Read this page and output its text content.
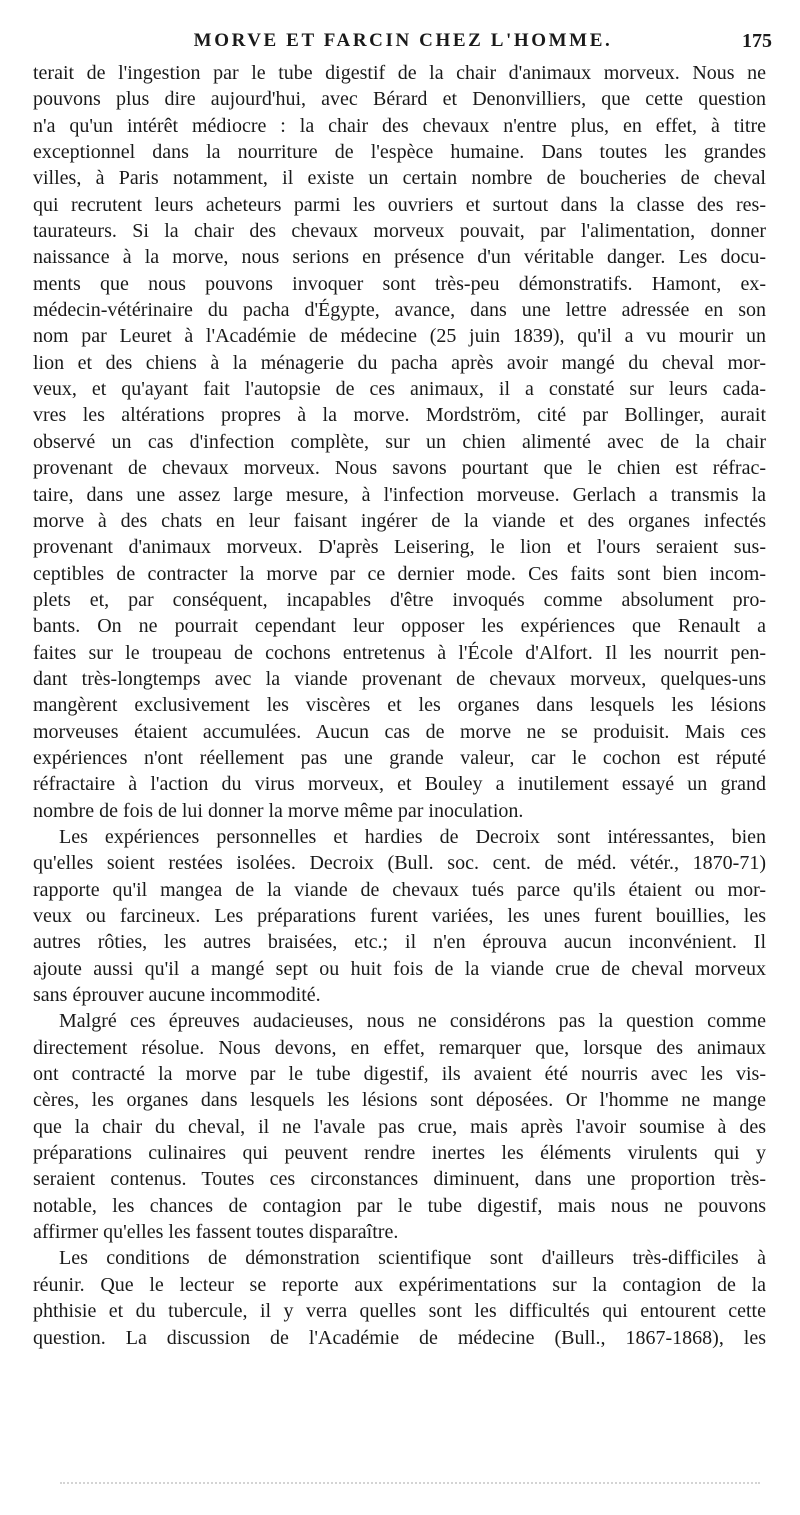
MORVE ET FARCIN CHEZ L'HOMME.	175
terait de l'ingestion par le tube digestif de la chair d'animaux morveux. Nous ne
pouvons plus dire aujourd'hui, avec Bérard et Denonvilliers, que cette question
n'a qu'un intérêt médiocre : la chair des chevaux n'entre plus, en effet, à titre
exceptionnel dans la nourriture de l'espèce humaine. Dans toutes les grandes
villes, à Paris notamment, il existe un certain nombre de boucheries de cheval
qui recrutent leurs acheteurs parmi les ouvriers et surtout dans la classe des res-
taurateurs. Si la chair des chevaux morveux pouvait, par l'alimentation, donner
naissance à la morve, nous serions en présence d'un véritable danger. Les docu-
ments que nous pouvons invoquer sont très-peu démonstratifs. Hamont, ex-
médecin-vétérinaire du pacha d'Égypte, avance, dans une lettre adressée en son
nom par Leuret à l'Académie de médecine (25 juin 1839), qu'il a vu mourir un
lion et des chiens à la ménagerie du pacha après avoir mangé du cheval mor-
veux, et qu'ayant fait l'autopsie de ces animaux, il a constaté sur leurs cada-
vres les altérations propres à la morve. Mordström, cité par Bollinger, aurait
observé un cas d'infection complète, sur un chien alimenté avec de la chair
provenant de chevaux morveux. Nous savons pourtant que le chien est réfrac-
taire, dans une assez large mesure, à l'infection morveuse. Gerlach a transmis la
morve à des chats en leur faisant ingérer de la viande et des organes infectés
provenant d'animaux morveux. D'après Leisering, le lion et l'ours seraient sus-
ceptibles de contracter la morve par ce dernier mode. Ces faits sont bien incom-
plets et, par conséquent, incapables d'être invoqués comme absolument pro-
bants. On ne pourrait cependant leur opposer les expériences que Renault a
faites sur le troupeau de cochons entretenus à l'École d'Alfort. Il les nourrit pen-
dant très-longtemps avec la viande provenant de chevaux morveux, quelques-uns
mangèrent exclusivement les viscères et les organes dans lesquels les lésions
morveuses étaient accumulées. Aucun cas de morve ne se produisit. Mais ces
expériences n'ont réellement pas une grande valeur, car le cochon est réputé
réfractaire à l'action du virus morveux, et Bouley a inutilement essayé un grand
nombre de fois de lui donner la morve même par inoculation.
Les expériences personnelles et hardies de Decroix sont intéressantes, bien
qu'elles soient restées isolées. Decroix (Bull. soc. cent. de méd. vétér., 1870-71)
rapporte qu'il mangea de la viande de chevaux tués parce qu'ils étaient ou mor-
veux ou farcineux. Les préparations furent variées, les unes furent bouillies, les
autres rôties, les autres braisées, etc.; il n'en éprouva aucun inconvénient. Il
ajoute aussi qu'il a mangé sept ou huit fois de la viande crue de cheval morveux
sans éprouver aucune incommodité.
Malgré ces épreuves audacieuses, nous ne considérons pas la question comme
directement résolue. Nous devons, en effet, remarquer que, lorsque des animaux
ont contracté la morve par le tube digestif, ils avaient été nourris avec les vis-
cères, les organes dans lesquels les lésions sont déposées. Or l'homme ne mange
que la chair du cheval, il ne l'avale pas crue, mais après l'avoir soumise à des
préparations culinaires qui peuvent rendre inertes les éléments virulents qui y
seraient contenus. Toutes ces circonstances diminuent, dans une proportion très-
notable, les chances de contagion par le tube digestif, mais nous ne pouvons
affirmer qu'elles les fassent toutes disparaître.
Les conditions de démonstration scientifique sont d'ailleurs très-difficiles à
réunir. Que le lecteur se reporte aux expérimentations sur la contagion de la
phthisie et du tubercule, il y verra quelles sont les difficultés qui entourent cette
question. La discussion de l'Académie de médecine (Bull., 1867-1868), les
